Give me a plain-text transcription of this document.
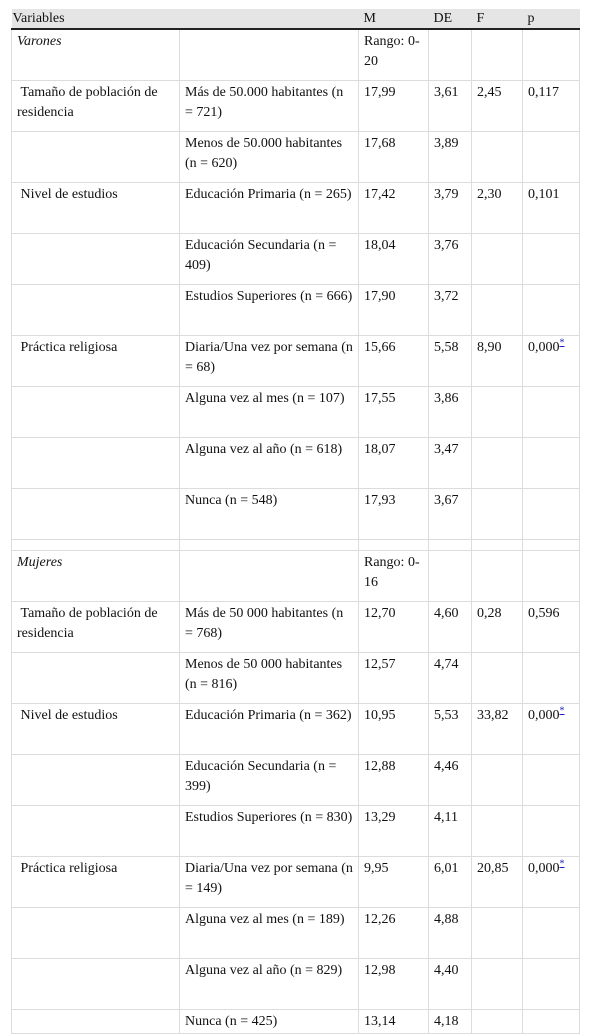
Variables		M	DE	F	p
Varones		Rango: 0-20			
Tamaño de población de residencia	Más de 50.000 habitantes (n = 721)	17,99	3,61	2,45	0,117
	Menos de 50.000 habitantes (n = 620)	17,68	3,89		
Nivel de estudios	Educación Primaria (n = 265)	17,42	3,79	2,30	0,101
	Educación Secundaria (n = 409)	18,04	3,76		
	Estudios Superiores (n = 666)	17,90	3,72		
Práctica religiosa	Diaria/Una vez por semana (n = 68)	15,66	5,58	8,90	0,000*
	Alguna vez al mes (n = 107)	17,55	3,86		
	Alguna vez al año (n = 618)	18,07	3,47		
	Nunca (n = 548)	17,93	3,67		

Mujeres		Rango: 0-16			
Tamaño de población de residencia	Más de 50 000 habitantes (n = 768)	12,70	4,60	0,28	0,596
	Menos de 50 000 habitantes (n = 816)	12,57	4,74		
Nivel de estudios	Educación Primaria (n = 362)	10,95	5,53	33,82	0,000*
	Educación Secundaria (n = 399)	12,88	4,46		
	Estudios Superiores (n = 830)	13,29	4,11		
Práctica religiosa	Diaria/Una vez por semana (n = 149)	9,95	6,01	20,85	0,000*
	Alguna vez al mes (n = 189)	12,26	4,88		
	Alguna vez al año (n = 829)	12,98	4,40		
	Nunca (n = 425)	13,14	4,18		
